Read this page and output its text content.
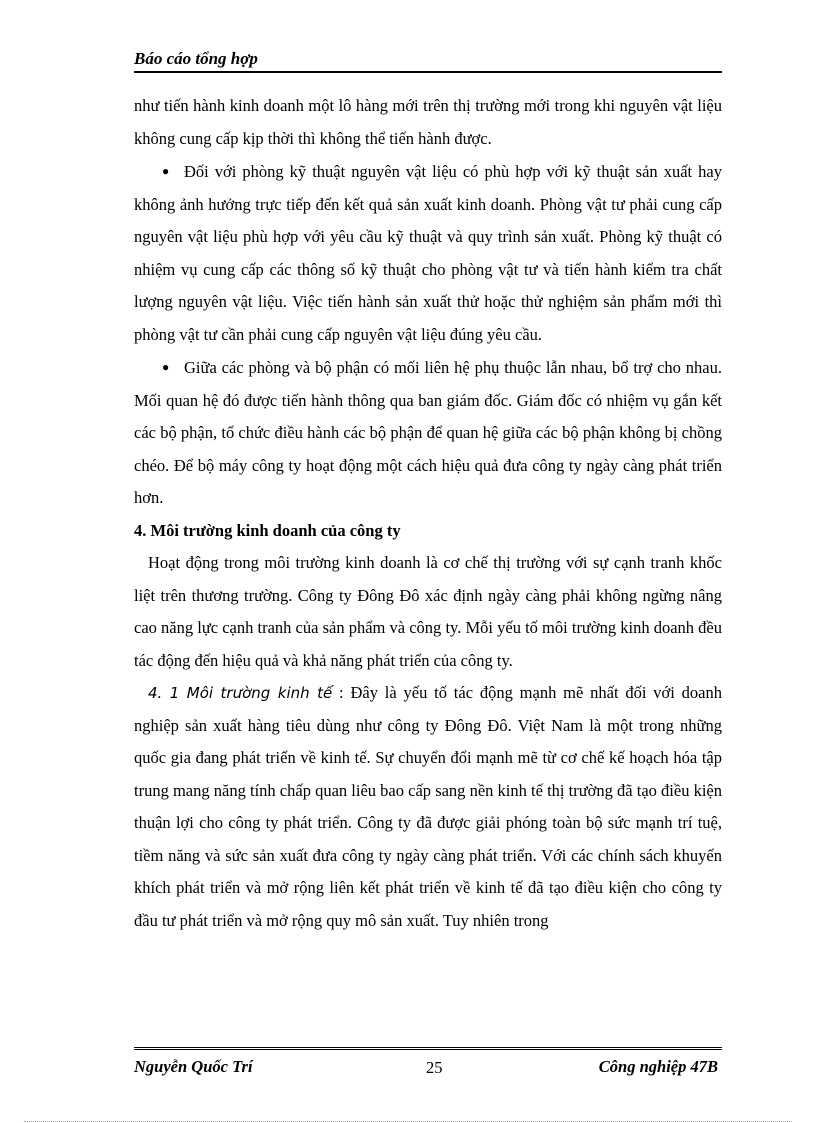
Báo cáo tổng hợp

như tiến hành kinh doanh một lô hàng mới trên thị trường mới trong khi nguyên vật liệu không cung cấp kịp thời thì không thể tiến hành được.

● Đối với phòng kỹ thuật nguyên vật liệu có phù hợp với kỹ thuật sản xuất hay không ảnh hưởng trực tiếp đến kết quả sản xuất kinh doanh. Phòng vật tư phải cung cấp nguyên vật liệu phù hợp với yêu cầu kỹ thuật và quy trình sản xuất. Phòng kỹ thuật có nhiệm vụ cung cấp các thông số kỹ thuật cho phòng vật tư và tiến hành kiểm tra chất lượng nguyên vật liệu. Việc tiến hành sản xuất thử hoặc thử nghiệm sản phẩm mới thì phòng vật tư cần phải cung cấp nguyên vật liệu đúng yêu cầu.

● Giữa các phòng và bộ phận có mối liên hệ phụ thuộc lẫn nhau, bổ trợ cho nhau. Mối quan hệ đó được tiến hành thông qua ban giám đốc. Giám đốc có nhiệm vụ gắn kết các bộ phận, tổ chức điều hành các bộ phận để quan hệ giữa các bộ phận không bị chồng chéo. Để bộ máy công ty hoạt động một cách hiệu quả đưa công ty ngày càng phát triển hơn.

4. Môi trường kinh doanh của công ty

Hoạt động trong môi trường kinh doanh là cơ chế thị trường với sự cạnh tranh khốc liệt trên thương trường. Công ty Đông Đô xác định ngày càng phải không ngừng nâng cao năng lực cạnh tranh của sản phẩm và công ty. Mỗi yếu tố môi trường kinh doanh đều tác động đến hiệu quả và khả năng phát triển của công ty.

4. 1 Môi trường kinh tế : Đây là yếu tố tác động mạnh mẽ nhất đối với doanh nghiệp sản xuất hàng tiêu dùng như công ty Đông Đô. Việt Nam là một trong những quốc gia đang phát triển về kinh tế. Sự chuyển đổi mạnh mẽ từ cơ chế kế hoạch hóa tập trung mang năng tính chấp quan liêu bao cấp sang nền kinh tế thị trường đã tạo điều kiện thuận lợi cho công ty phát triển. Công ty đã được giải phóng toàn bộ sức mạnh trí tuệ, tiềm năng và sức sản xuất đưa công ty ngày càng phát triển. Với các chính sách khuyến khích phát triển và mở rộng liên kết phát triển về kinh tế đã tạo điều kiện cho công ty đầu tư phát triển và mở rộng quy mô sản xuất. Tuy nhiên trong

Nguyễn Quốc Trí	25	Công nghiệp 47B
